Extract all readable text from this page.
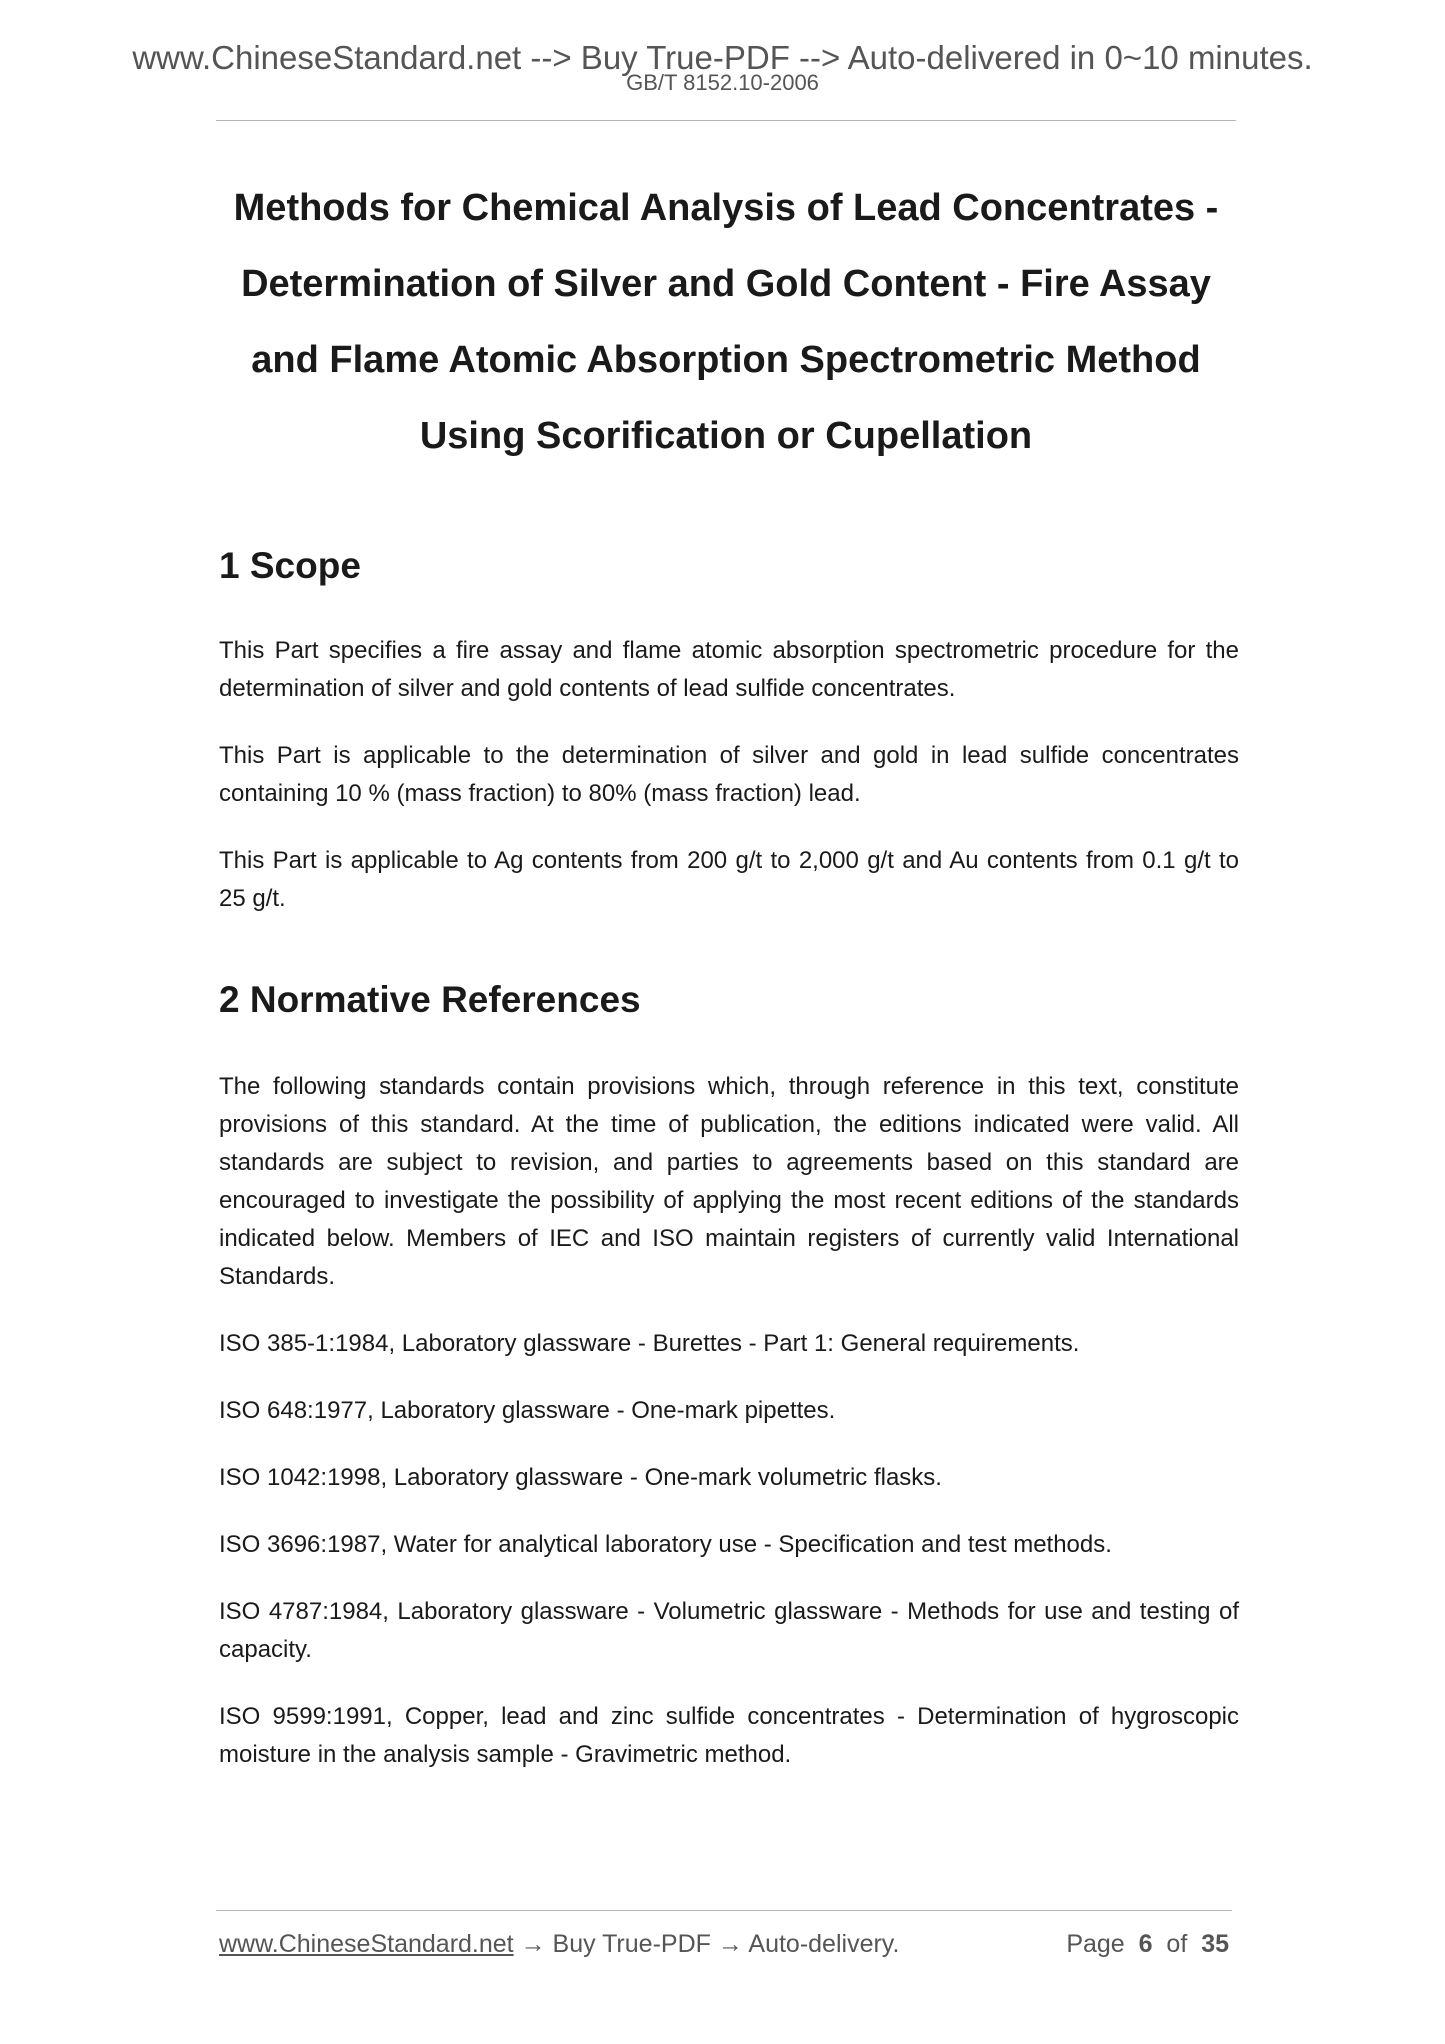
www.ChineseStandard.net --> Buy True-PDF --> Auto-delivered in 0~10 minutes.
GB/T 8152.10-2006
Methods for Chemical Analysis of Lead Concentrates -
Determination of Silver and Gold Content - Fire Assay
and Flame Atomic Absorption Spectrometric Method
Using Scorification or Cupellation
1 Scope

This Part specifies a fire assay and flame atomic absorption spectrometric procedure for the determination of silver and gold contents of lead sulfide concentrates.

This Part is applicable to the determination of silver and gold in lead sulfide concentrates containing 10 % (mass fraction) to 80% (mass fraction) lead.

This Part is applicable to Ag contents from 200 g/t to 2,000 g/t and Au contents from 0.1 g/t to 25 g/t.

2 Normative References

The following standards contain provisions which, through reference in this text, constitute provisions of this standard. At the time of publication, the editions indicated were valid. All standards are subject to revision, and parties to agreements based on this standard are encouraged to investigate the possibility of applying the most recent editions of the standards indicated below. Members of IEC and ISO maintain registers of currently valid International Standards.

ISO 385-1:1984, Laboratory glassware - Burettes - Part 1: General requirements.

ISO 648:1977, Laboratory glassware - One-mark pipettes.

ISO 1042:1998, Laboratory glassware - One-mark volumetric flasks.

ISO 3696:1987, Water for analytical laboratory use - Specification and test methods.

ISO 4787:1984, Laboratory glassware - Volumetric glassware - Methods for use and testing of capacity.

ISO 9599:1991, Copper, lead and zinc sulfide concentrates - Determination of hygroscopic moisture in the analysis sample - Gravimetric method.

www.ChineseStandard.net → Buy True-PDF → Auto-delivery.	Page 6 of 35
